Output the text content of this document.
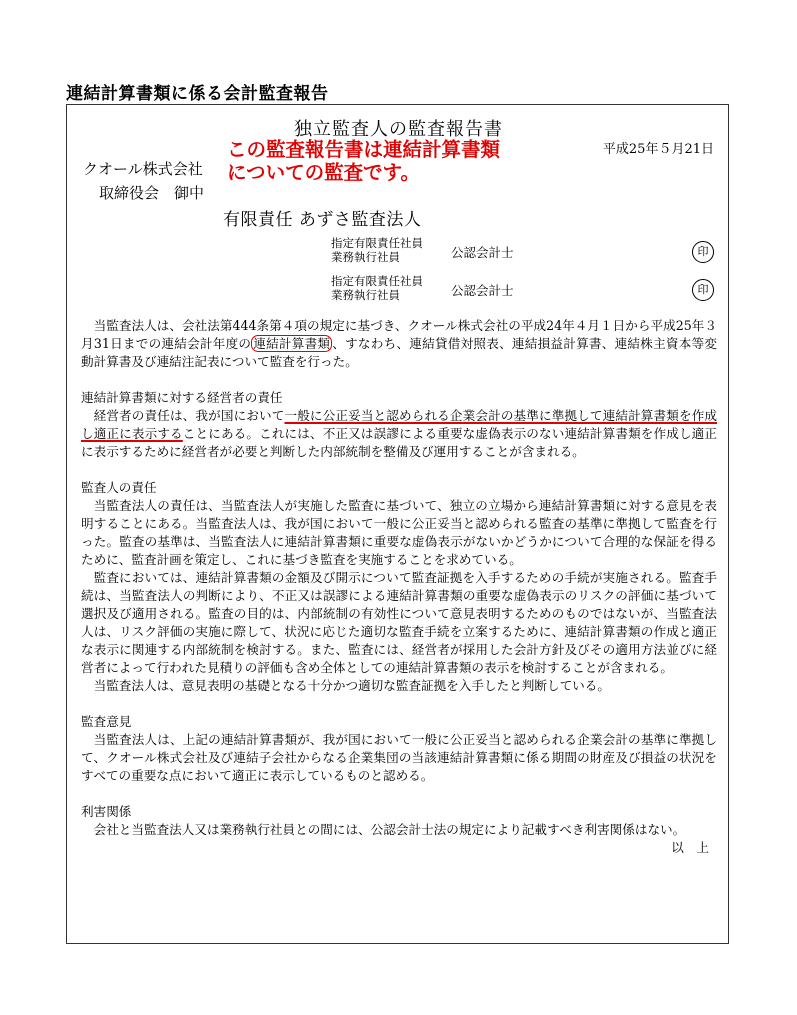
連結計算書類に係る会計監査報告
独立監査人の監査報告書
平成25年５月21日
クオール株式会社
取締役会　御中
有限責任 あずさ監査法人
この監査報告書は連結計算書類
についての監査です。
指定有限責任社員
業務執行社員	公認会計士	印
指定有限責任社員
業務執行社員	公認会計士	印

当監査法人は、会社法第444条第４項の規定に基づき、クオール株式会社の平成24年４月１日から平成25年３月31日までの連結会計年度の 連結計算書類 、すなわち、連結貸借対照表、連結損益計算書、連結株主資本等変動計算書及び連結注記表について監査を行った。

連結計算書類に対する経営者の責任

経営者の責任は、我が国において一般に公正妥当と認められる企業会計の基準に準拠して連結計算書類を作成し適正に表示することにある。これには、不正又は誤謬による重要な虚偽表示のない連結計算書類を作成し適正に表示するために経営者が必要と判断した内部統制を整備及び運用することが含まれる。

監査人の責任

当監査法人の責任は、当監査法人が実施した監査に基づいて、独立の立場から連結計算書類に対する意見を表明することにある。当監査法人は、我が国において一般に公正妥当と認められる監査の基準に準拠して監査を行った。監査の基準は、当監査法人に連結計算書類に重要な虚偽表示がないかどうかについて合理的な保証を得るために、監査計画を策定し、これに基づき監査を実施することを求めている。

監査においては、連結計算書類の金額及び開示について監査証拠を入手するための手続が実施される。監査手続は、当監査法人の判断により、不正又は誤謬による連結計算書類の重要な虚偽表示のリスクの評価に基づいて選択及び適用される。監査の目的は、内部統制の有効性について意見表明するためのものではないが、当監査法人は、リスク評価の実施に際して、状況に応じた適切な監査手続を立案するために、連結計算書類の作成と適正な表示に関連する内部統制を検討する。また、監査には、経営者が採用した会計方針及びその適用方法並びに経営者によって行われた見積りの評価も含め全体としての連結計算書類の表示を検討することが含まれる。

当監査法人は、意見表明の基礎となる十分かつ適切な監査証拠を入手したと判断している。

監査意見

当監査法人は、上記の連結計算書類が、我が国において一般に公正妥当と認められる企業会計の基準に準拠して、クオール株式会社及び連結子会社からなる企業集団の当該連結計算書類に係る期間の財産及び損益の状況をすべての重要な点において適正に表示しているものと認める。

利害関係

会社と当監査法人又は業務執行社員との間には、公認会計士法の規定により記載すべき利害関係はない。

以　上
